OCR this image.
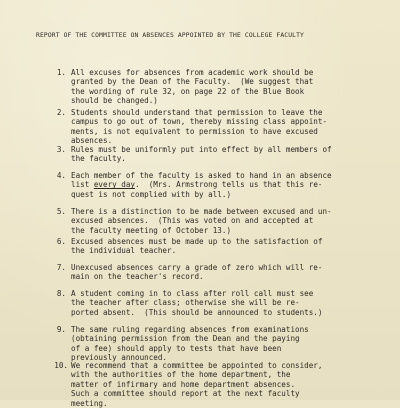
REPORT OF THE COMMITTEE ON ABSENCES APPOINTED BY THE COLLEGE FACULTY
1. All excuses for absences from academic work should be
granted by the Dean of the Faculty.  (We suggest that
the wording of rule 32, on page 22 of the Blue Book
should be changed.)
2. Students should understand that permission to leave the
campus to go out of town, thereby missing class appoint-
ments, is not equivalent to permission to have excused
absences.
3. Rules must be uniformly put into effect by all members of
the faculty.
4. Each member of the faculty is asked to hand in an absence
list every day.  (Mrs. Armstrong tells us that this re-
quest is not complied with by all.)
5. There is a distinction to be made between excused and un-
excused absences.  (This was voted on and accepted at
the faculty meeting of October 13.)
6. Excused absences must be made up to the satisfaction of
the individual teacher.
7. Unexcused absences carry a grade of zero which will re-
main on the teacher's record.
8. A student coming in to class after roll call must see
the teacher after class; otherwise she will be re-
ported absent.  (This should be announced to students.)
9. The same ruling regarding absences from examinations
(obtaining permission from the Dean and the paying
of a fee) should apply to tests that have been
previously announced.
10. We recommend that a committee be appointed to consider,
with the authorities of the home department, the
matter of infirmary and home department absences.
Such a committee should report at the next faculty
meeting.
